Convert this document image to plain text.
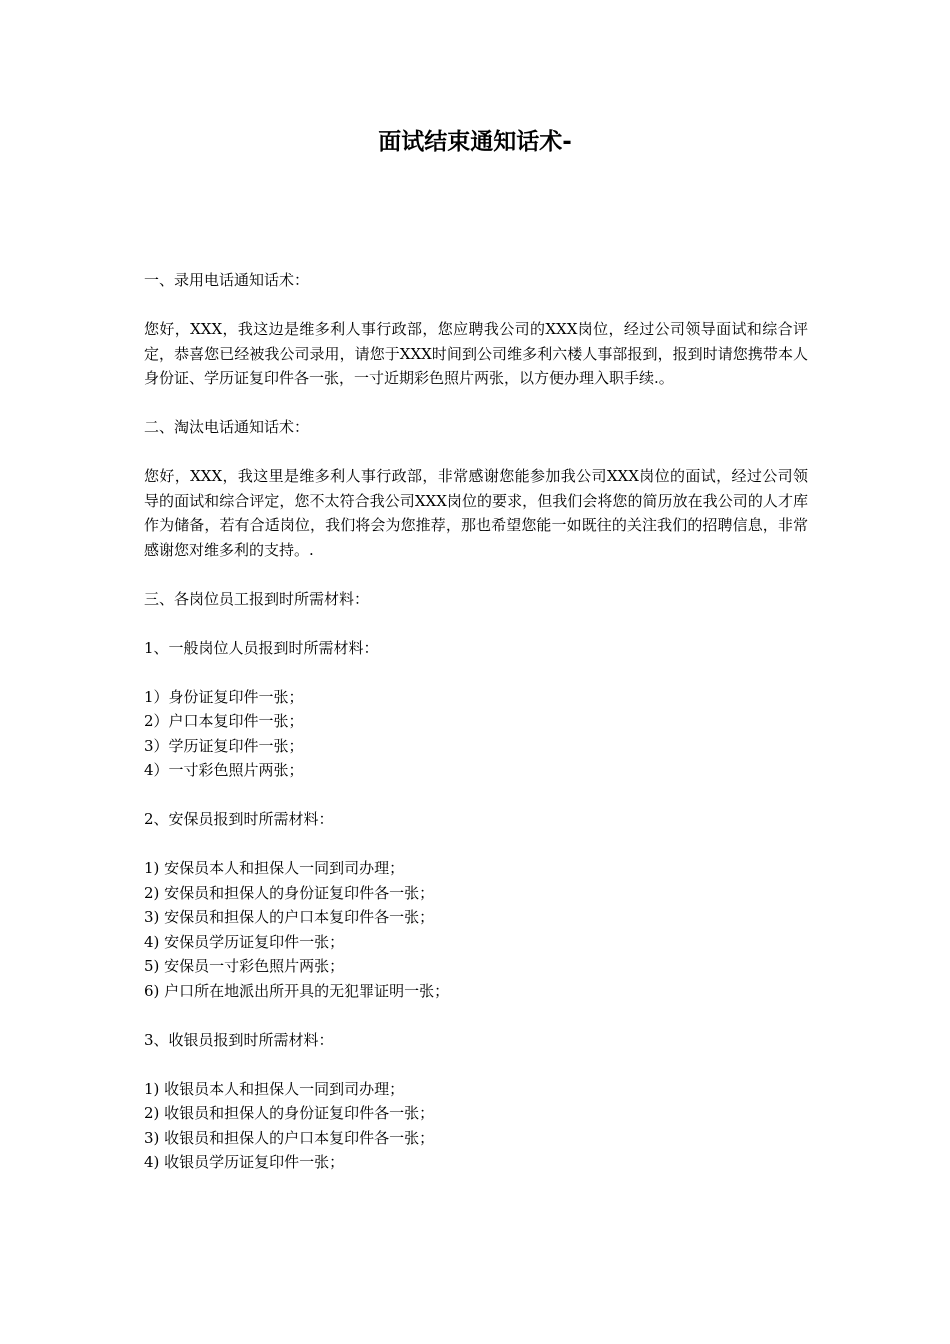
面试结束通知话术-

一、录用电话通知话术：

您好，XXX，我这边是维多利人事行政部，您应聘我公司的XXX岗位，经过公司领导面试和综合评定，恭喜您已经被我公司录用，请您于XXX时间到公司维多利六楼人事部报到，报到时请您携带本人身份证、学历证复印件各一张，一寸近期彩色照片两张，以方便办理入职手续.。

二、淘汰电话通知话术：

您好，XXX，我这里是维多利人事行政部，非常感谢您能参加我公司XXX岗位的面试，经过公司领导的面试和综合评定，您不太符合我公司XXX岗位的要求，但我们会将您的简历放在我公司的人才库作为储备，若有合适岗位，我们将会为您推荐，那也希望您能一如既往的关注我们的招聘信息，非常感谢您对维多利的支持。.

三、各岗位员工报到时所需材料：

1、一般岗位人员报到时所需材料：

1）身份证复印件一张；

2）户口本复印件一张；

3）学历证复印件一张；

4）一寸彩色照片两张；

2、安保员报到时所需材料：

1) 安保员本人和担保人一同到司办理；

2) 安保员和担保人的身份证复印件各一张；

3) 安保员和担保人的户口本复印件各一张；

4) 安保员学历证复印件一张；

5) 安保员一寸彩色照片两张；

6) 户口所在地派出所开具的无犯罪证明一张；

3、收银员报到时所需材料：

1) 收银员本人和担保人一同到司办理；

2) 收银员和担保人的身份证复印件各一张；

3) 收银员和担保人的户口本复印件各一张；

4) 收银员学历证复印件一张；
